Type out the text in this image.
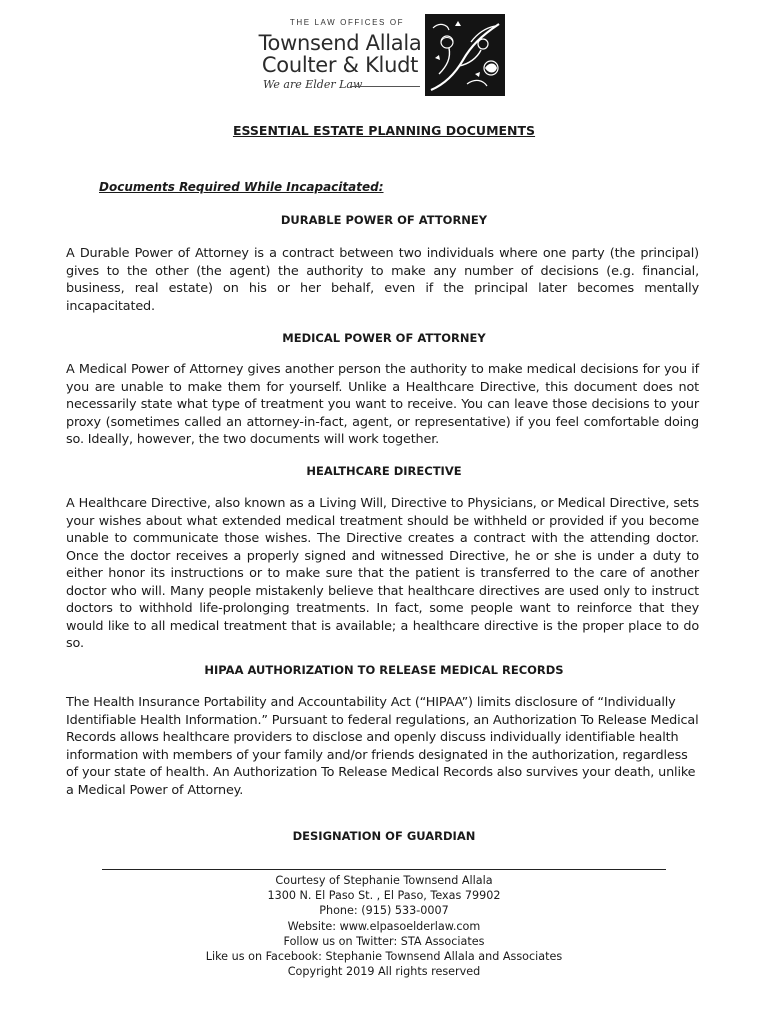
THE LAW OFFICES OF
Townsend Allala
Coulter & Kludt
We are Elder Law
ESSENTIAL ESTATE PLANNING DOCUMENTS
Documents Required While Incapacitated:
DURABLE POWER OF ATTORNEY
A Durable Power of Attorney is a contract between two individuals where one party (the principal) gives to the other (the agent) the authority to make any number of decisions (e.g. financial, business, real estate) on his or her behalf, even if the principal later becomes mentally incapacitated.
MEDICAL POWER OF ATTORNEY
A Medical Power of Attorney gives another person the authority to make medical decisions for you if you are unable to make them for yourself. Unlike a Healthcare Directive, this document does not necessarily state what type of treatment you want to receive. You can leave those decisions to your proxy (sometimes called an attorney-in-fact, agent, or representative) if you feel comfortable doing so. Ideally, however, the two documents will work together.
HEALTHCARE DIRECTIVE
A Healthcare Directive, also known as a Living Will, Directive to Physicians, or Medical Directive, sets your wishes about what extended medical treatment should be withheld or provided if you become unable to communicate those wishes. The Directive creates a contract with the attending doctor. Once the doctor receives a properly signed and witnessed Directive, he or she is under a duty to either honor its instructions or to make sure that the patient is transferred to the care of another doctor who will. Many people mistakenly believe that healthcare directives are used only to instruct doctors to withhold life-prolonging treatments. In fact, some people want to reinforce that they would like to all medical treatment that is available; a healthcare directive is the proper place to do so.
HIPAA AUTHORIZATION TO RELEASE MEDICAL RECORDS
The Health Insurance Portability and Accountability Act (“HIPAA”) limits disclosure of “Individually Identifiable Health Information.” Pursuant to federal regulations, an Authorization To Release Medical Records allows healthcare providers to disclose and openly discuss individually identifiable health information with members of your family and/or friends designated in the authorization, regardless of your state of health. An Authorization To Release Medical Records also survives your death, unlike a Medical Power of Attorney.
DESIGNATION OF GUARDIAN
Courtesy of Stephanie Townsend Allala
1300 N. El Paso St. , El Paso, Texas 79902
Phone: (915) 533-0007
Website: www.elpasoelderlaw.com
Follow us on Twitter: STA Associates
Like us on Facebook: Stephanie Townsend Allala and Associates
Copyright 2019 All rights reserved
